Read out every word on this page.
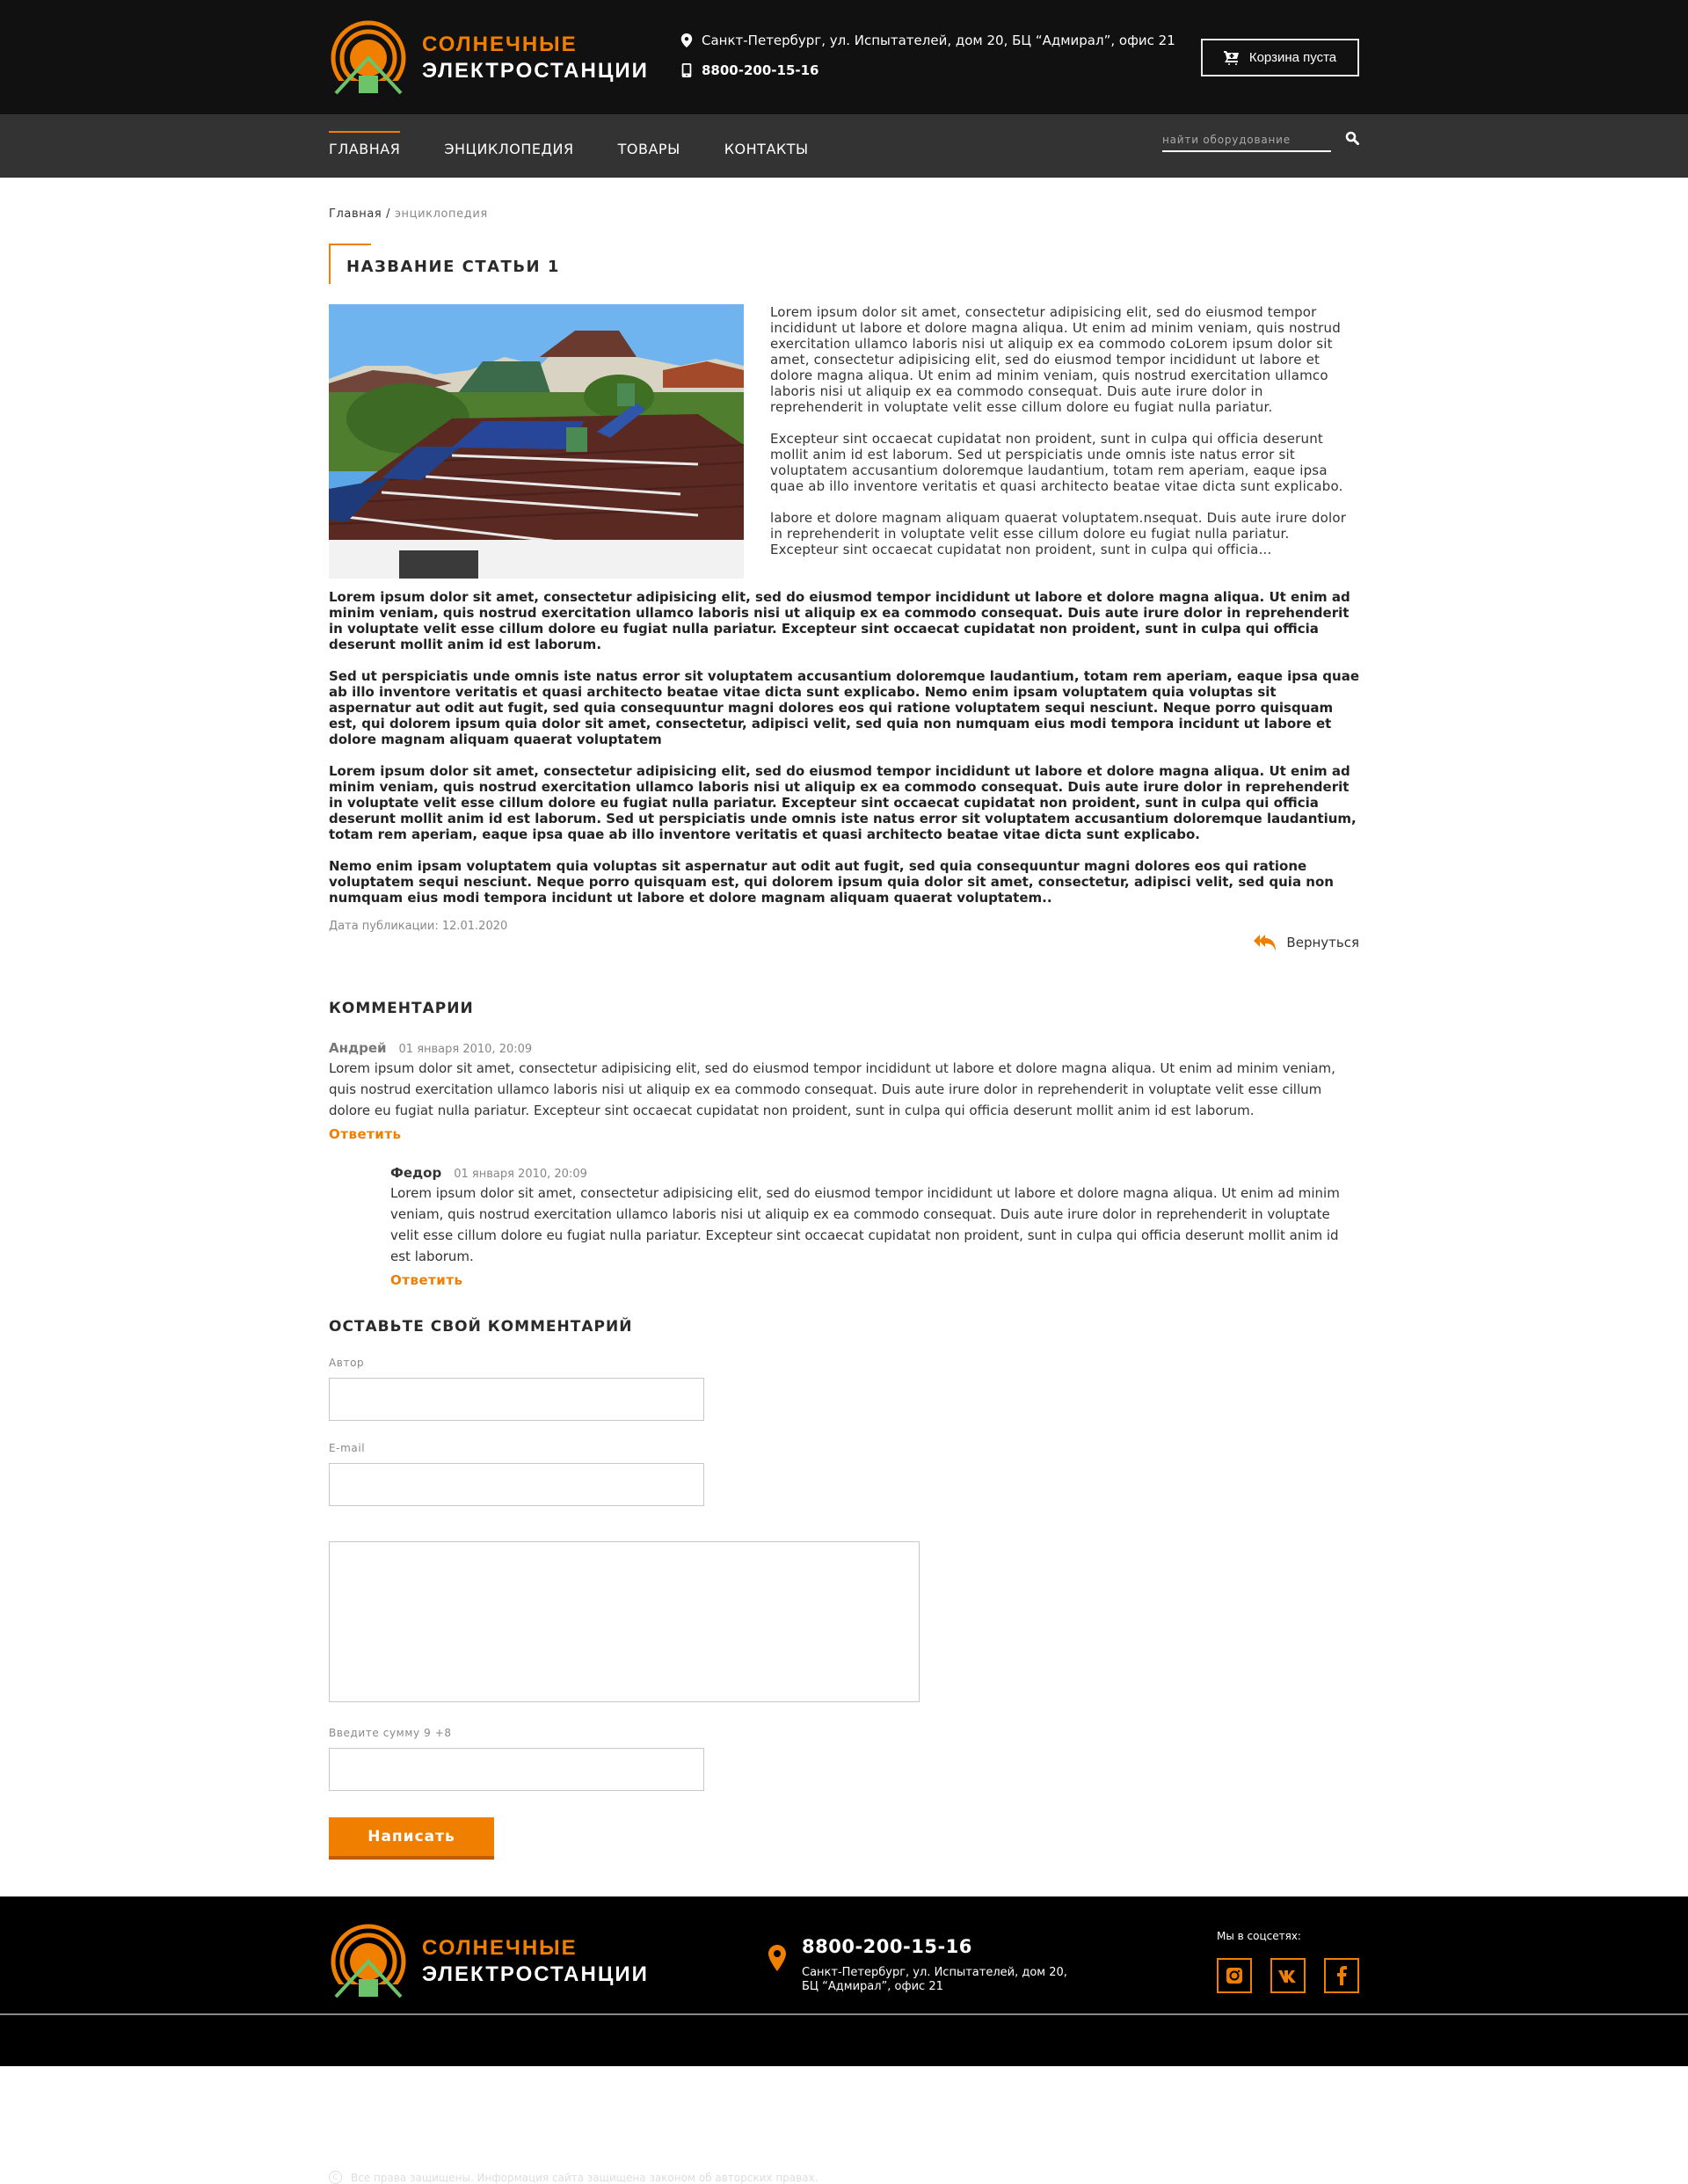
СОЛНЕЧНЫЕ
ЭЛЕКТРОСТАНЦИИ
Санкт-Петербург, ул. Испытателей, дом 20, БЦ “Адмирал”, офис 21
8800-200-15-16
Корзина пуста
ГЛАВНАЯ	ЭНЦИКЛОПЕДИЯ	ТОВАРЫ	КОНТАКТЫ
найти оборудование
Главная / энциклопедия
НАЗВАНИЕ СТАТЬИ 1

Lorem ipsum dolor sit amet, consectetur adipisicing elit, sed do eiusmod tempor incididunt ut labore et dolore magna aliqua. Ut enim ad minim veniam, quis nostrud

exercitation ullamco laboris nisi ut aliquip ex ea commodo coLorem ipsum dolor sit amet, consectetur adipisicing elit, sed do eiusmod tempor incididunt ut labore et dolore magna aliqua. Ut enim ad minim veniam, quis nostrud exercitation ullamco laboris nisi ut aliquip ex ea commodo consequat. Duis aute irure dolor in reprehenderit in voluptate velit esse cillum dolore eu fugiat nulla pariatur.

Excepteur sint occaecat cupidatat non proident, sunt in culpa qui officia deserunt mollit anim id est laborum. Sed ut perspiciatis unde omnis iste natus error sit voluptatem accusantium doloremque laudantium, totam rem aperiam, eaque ipsa quae ab illo inventore veritatis et quasi architecto beatae vitae dicta sunt explicabo.

labore et dolore magnam aliquam quaerat voluptatem.nsequat. Duis aute irure dolor in reprehenderit in voluptate velit esse cillum dolore eu fugiat nulla pariatur. Excepteur sint occaecat cupidatat non proident, sunt in culpa qui officia...

Lorem ipsum dolor sit amet, consectetur adipisicing elit, sed do eiusmod tempor incididunt ut labore et dolore magna aliqua. Ut enim ad minim veniam, quis nostrud exercitation ullamco laboris nisi ut aliquip ex ea commodo consequat. Duis aute irure dolor in reprehenderit in voluptate velit esse cillum dolore eu fugiat nulla pariatur. Excepteur sint occaecat cupidatat non proident, sunt in culpa qui officia deserunt mollit anim id est laborum.

Sed ut perspiciatis unde omnis iste natus error sit voluptatem accusantium doloremque laudantium, totam rem aperiam, eaque ipsa quae ab illo inventore veritatis et quasi architecto beatae vitae dicta sunt explicabo. Nemo enim ipsam voluptatem quia voluptas sit aspernatur aut odit aut fugit, sed quia consequuntur magni dolores eos qui ratione voluptatem sequi nesciunt. Neque porro quisquam est, qui dolorem ipsum quia dolor sit amet, consectetur, adipisci velit, sed quia non numquam eius modi tempora incidunt ut labore et dolore magnam aliquam quaerat voluptatem

Lorem ipsum dolor sit amet, consectetur adipisicing elit, sed do eiusmod tempor incididunt ut labore et dolore magna aliqua. Ut enim ad minim veniam, quis nostrud exercitation ullamco laboris nisi ut aliquip ex ea commodo consequat. Duis aute irure dolor in reprehenderit in voluptate velit esse cillum dolore eu fugiat nulla pariatur. Excepteur sint occaecat cupidatat non proident, sunt in culpa qui officia deserunt mollit anim id est laborum. Sed ut perspiciatis unde omnis iste natus error sit voluptatem accusantium doloremque laudantium, totam rem aperiam, eaque ipsa quae ab illo inventore veritatis et quasi architecto beatae vitae dicta sunt explicabo.

Nemo enim ipsam voluptatem quia voluptas sit aspernatur aut odit aut fugit, sed quia consequuntur magni dolores eos qui ratione voluptatem sequi nesciunt. Neque porro quisquam est, qui dolorem ipsum quia dolor sit amet, consectetur, adipisci velit, sed quia non numquam eius modi tempora incidunt ut labore et dolore magnam aliquam quaerat voluptatem..

Дата публикации: 12.01.2020
Вернуться
КОММЕНТАРИИ
Андрей 01 января 2010, 20:09
Lorem ipsum dolor sit amet, consectetur adipisicing elit, sed do eiusmod tempor incididunt ut labore et dolore magna aliqua. Ut enim ad minim veniam, quis nostrud exercitation ullamco laboris nisi ut aliquip ex ea commodo consequat. Duis aute irure dolor in reprehenderit in voluptate velit esse cillum dolore eu fugiat nulla pariatur. Excepteur sint occaecat cupidatat non proident, sunt in culpa qui officia deserunt mollit anim id est laborum.
Ответить
Федор 01 января 2010, 20:09
Lorem ipsum dolor sit amet, consectetur adipisicing elit, sed do eiusmod tempor incididunt ut labore et dolore magna aliqua. Ut enim ad minim veniam, quis nostrud exercitation ullamco laboris nisi ut aliquip ex ea commodo consequat. Duis aute irure dolor in reprehenderit in voluptate velit esse cillum dolore eu fugiat nulla pariatur. Excepteur sint occaecat cupidatat non proident, sunt in culpa qui officia deserunt mollit anim id est laborum.
Ответить
ОСТАВЬТЕ СВОЙ КОММЕНТАРИЙ
Автор
E-mail
Введите сумму 9 +8
Написать
СОЛНЕЧНЫЕ
ЭЛЕКТРОСТАНЦИИ
8800-200-15-16
Санкт-Петербург, ул. Испытателей, дом 20,
БЦ “Адмирал”, офис 21
Мы в соцсетях:
C	Все права защищены. Информация сайта защищена законом об авторских правах.
